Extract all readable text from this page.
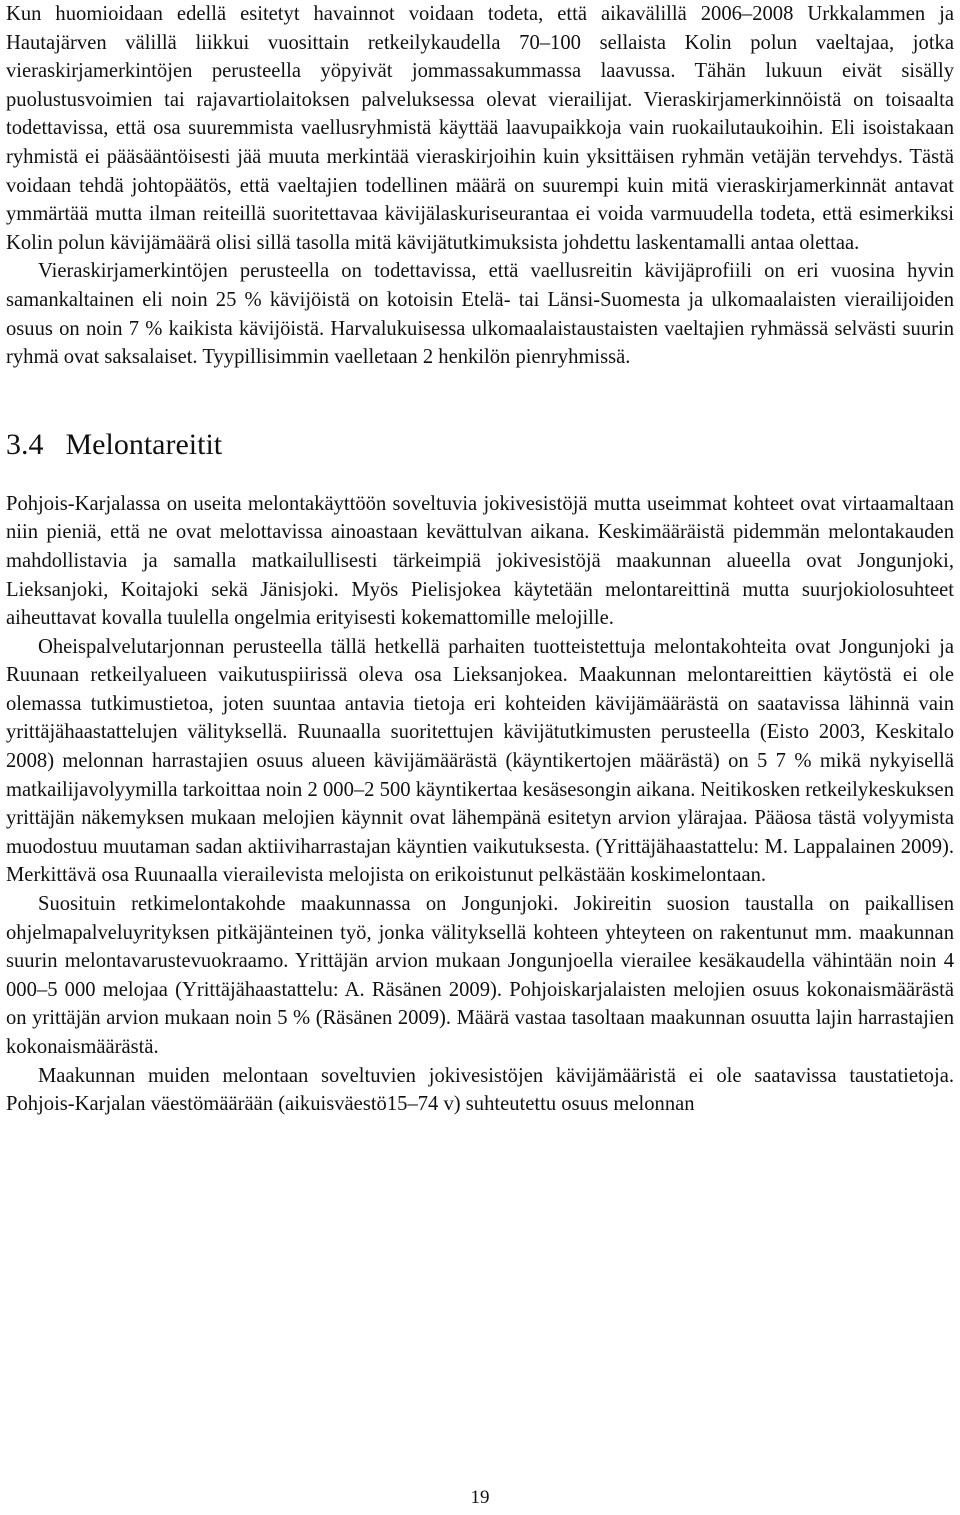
Kun huomioidaan edellä esitetyt havainnot voidaan todeta, että aikavälillä 2006–2008 Urkkalammen ja Hautajärven välillä liikkui vuosittain retkeilykaudella 70–100 sellaista Kolin polun vaeltajaa, jotka vieraskirjamerkintöjen perusteella yöpyivät jommassakummassa laavussa. Tähän lukuun eivät sisälly puolustusvoimien tai rajavartiolaitoksen palveluksessa olevat vierailijat. Vieraskirjamerkinnöistä on toisaalta todettavissa, että osa suuremmista vaellusryhmistä käyttää laavupaikkoja vain ruokailutaukoihin. Eli isoistakaan ryhmistä ei pääsääntöisesti jää muuta merkintää vieraskirjoihin kuin yksittäisen ryhmän vetäjän tervehdys. Tästä voidaan tehdä johtopäätös, että vaeltajien todellinen määrä on suurempi kuin mitä vieraskirjamerkinnät antavat ymmärtää mutta ilman reiteillä suoritettavaa kävijälaskuriseurantaa ei voida varmuudella todeta, että esimerkiksi Kolin polun kävijämäärä olisi sillä tasolla mitä kävijätutkimuksista johdettu laskentamalli antaa olettaa.

Vieraskirjamerkintöjen perusteella on todettavissa, että vaellusreitin kävijäprofiili on eri vuosina hyvin samankaltainen eli noin 25 % kävijöistä on kotoisin Etelä- tai Länsi-Suomesta ja ulkomaalaisten vierailijoiden osuus on noin 7 % kaikista kävijöistä. Harvalukuisessa ulkomaalaistaustaisten vaeltajien ryhmässä selvästi suurin ryhmä ovat saksalaiset. Tyypillisimmin vaelletaan 2 henkilön pienryhmissä.

3.4 Melontareitit

Pohjois-Karjalassa on useita melontakäyttöön soveltuvia jokivesistöjä mutta useimmat kohteet ovat virtaamaltaan niin pieniä, että ne ovat melottavissa ainoastaan kevättulvan aikana. Keskimääräistä pidemmän melontakauden mahdollistavia ja samalla matkailullisesti tärkeimpiä jokivesistöjä maakunnan alueella ovat Jongunjoki, Lieksanjoki, Koitajoki sekä Jänisjoki. Myös Pielisjokea käytetään melontareittinä mutta suurjokiolosuhteet aiheuttavat kovalla tuulella ongelmia erityisesti kokemattomille melojille.

Oheispalvelutarjonnan perusteella tällä hetkellä parhaiten tuotteistettuja melontakohteita ovat Jongunjoki ja Ruunaan retkeilyalueen vaikutuspiirissä oleva osa Lieksanjokea. Maakunnan melontareittien käytöstä ei ole olemassa tutkimustietoa, joten suuntaa antavia tietoja eri kohteiden kävijämäärästä on saatavissa lähinnä vain yrittäjähaastattelujen välityksellä. Ruunaalla suoritettujen kävijätutkimusten perusteella (Eisto 2003, Keskitalo 2008) melonnan harrastajien osuus alueen kävijämäärästä (käyntikertojen määrästä) on 5 7 % mikä nykyisellä matkailijavolyymilla tarkoittaa noin 2 000–2 500 käyntikertaa kesäsesongin aikana. Neitikosken retkeilykeskuksen yrittäjän näkemyksen mukaan melojien käynnit ovat lähempänä esitetyn arvion ylärajaa. Pääosa tästä volyymista muodostuu muutaman sadan aktiiviharrastajan käyntien vaikutuksesta. (Yrittäjähaastattelu: M. Lappalainen 2009). Merkittävä osa Ruunaalla vierailevista melojista on erikoistunut pelkästään koskimelontaan.

Suosituin retkimelontakohde maakunnassa on Jongunjoki. Jokireitin suosion taustalla on paikallisen ohjelmapalveluyrityksen pitkäjänteinen työ, jonka välityksellä kohteen yhteyteen on rakentunut mm. maakunnan suurin melontavarustevuokraamo. Yrittäjän arvion mukaan Jongunjoella vierailee kesäkaudella vähintään noin 4 000–5 000 melojaa (Yrittäjähaastattelu: A. Räsänen 2009). Pohjoiskarjalaisten melojien osuus kokonaismäärästä on yrittäjän arvion mukaan noin 5 % (Räsänen 2009). Määrä vastaa tasoltaan maakunnan osuutta lajin harrastajien kokonaismäärästä.

Maakunnan muiden melontaan soveltuvien jokivesistöjen kävijämääristä ei ole saatavissa taustatietoja. Pohjois-Karjalan väestömäärään (aikuisväestö15–74 v) suhteutettu osuus melonnan

19
